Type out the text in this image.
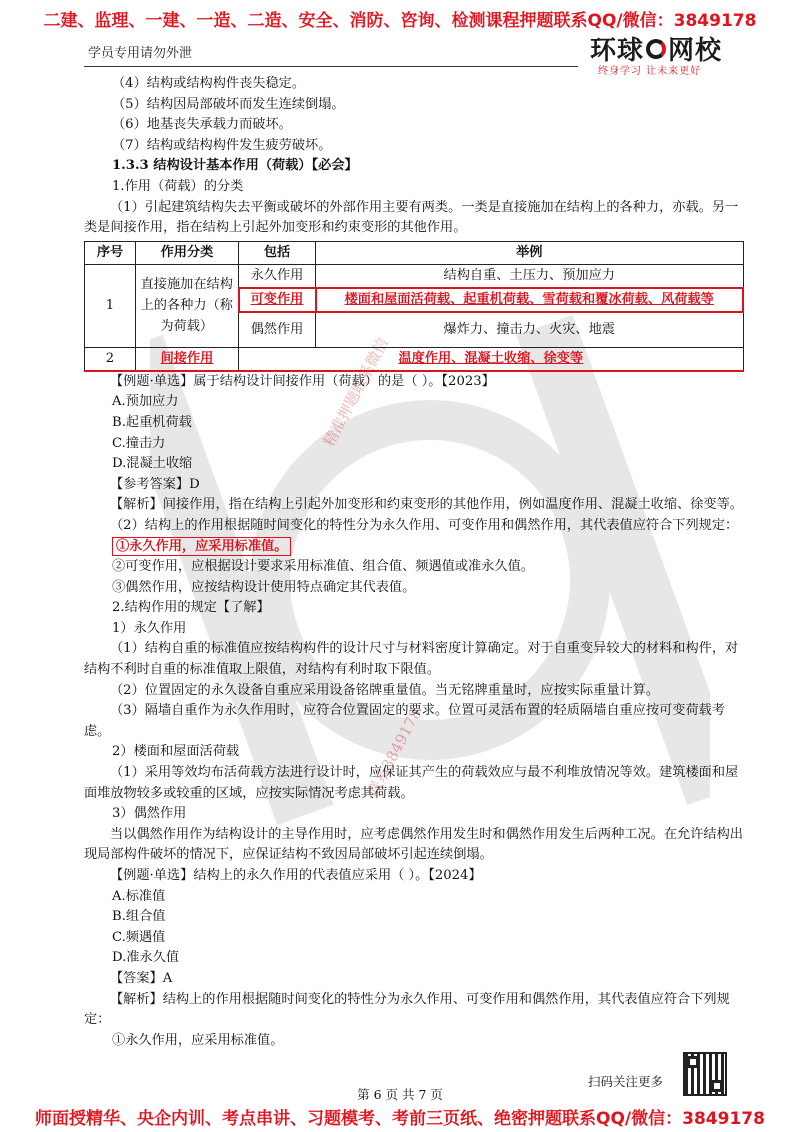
二建、监理、一建、一造、二造、安全、消防、咨询、检测课程押题联系QQ/微信：3849178
学员专用请勿外泄	环球 网校
终身学习 让未来更好
精准押题联系微信
联系3849178

（4）结构或结构构件丧失稳定。

（5）结构因局部破坏而发生连续倒塌。

（6）地基丧失承载力而破坏。

（7）结构或结构构件发生疲劳破坏。

1.3.3 结构设计基本作用（荷载）【必会】

1.作用（荷载）的分类

（1）引起建筑结构失去平衡或破坏的外部作用主要有两类。一类是直接施加在结构上的各种力，亦载。另一类是间接作用，指在结构上引起外加变形和约束变形的其他作用。

序号	作用分类	包括	举例
1	直接施加在结构上的各种力（称为荷载）	永久作用	结构自重、土压力、预加应力
		可变作用	楼面和屋面活荷载、起重机荷载、雪荷载和覆冰荷载、风荷载等
		偶然作用	爆炸力、撞击力、火灾、地震
2	间接作用	温度作用、混凝土收缩、徐变等	

【例题·单选】属于结构设计间接作用（荷载）的是（ ）。【2023】

A.预加应力

B.起重机荷载

C.撞击力

D.混凝土收缩

【参考答案】D

【解析】间接作用，指在结构上引起外加变形和约束变形的其他作用，例如温度作用、混凝土收缩、徐变等。

（2）结构上的作用根据随时间变化的特性分为永久作用、可变作用和偶然作用，其代表值应符合下列规定：

①永久作用，应采用标准值。

②可变作用，应根据设计要求采用标准值、组合值、频遇值或准永久值。

③偶然作用，应按结构设计使用特点确定其代表值。

2.结构作用的规定【了解】

1）永久作用

（1）结构自重的标准值应按结构构件的设计尺寸与材料密度计算确定。对于自重变异较大的材料和构件，对结构不利时自重的标准值取上限值，对结构有利时取下限值。

（2）位置固定的永久设备自重应采用设备铭牌重量值。当无铭牌重量时，应按实际重量计算。

（3）隔墙自重作为永久作用时，应符合位置固定的要求。位置可灵活布置的轻质隔墙自重应按可变荷载考虑。

2）楼面和屋面活荷载

（1）采用等效均布活荷载方法进行设计时，应保证其产生的荷载效应与最不利堆放情况等效。建筑楼面和屋面堆放物较多或较重的区域，应按实际情况考虑其荷载。

3）偶然作用

当以偶然作用作为结构设计的主导作用时，应考虑偶然作用发生时和偶然作用发生后两种工况。在允许结构出现局部构件破坏的情况下，应保证结构不致因局部破坏引起连续倒塌。

【例题·单选】结构上的永久作用的代表值应采用（ ）。【2024】

A.标准值

B.组合值

C.频遇值

D.准永久值

【答案】A

【解析】结构上的作用根据随时间变化的特性分为永久作用、可变作用和偶然作用，其代表值应符合下列规定：

①永久作用，应采用标准值。

扫码关注更多
第 6 页 共 7 页
师面授精华、央企内训、考点串讲、习题模考、考前三页纸、绝密押题联系QQ/微信：3849178
